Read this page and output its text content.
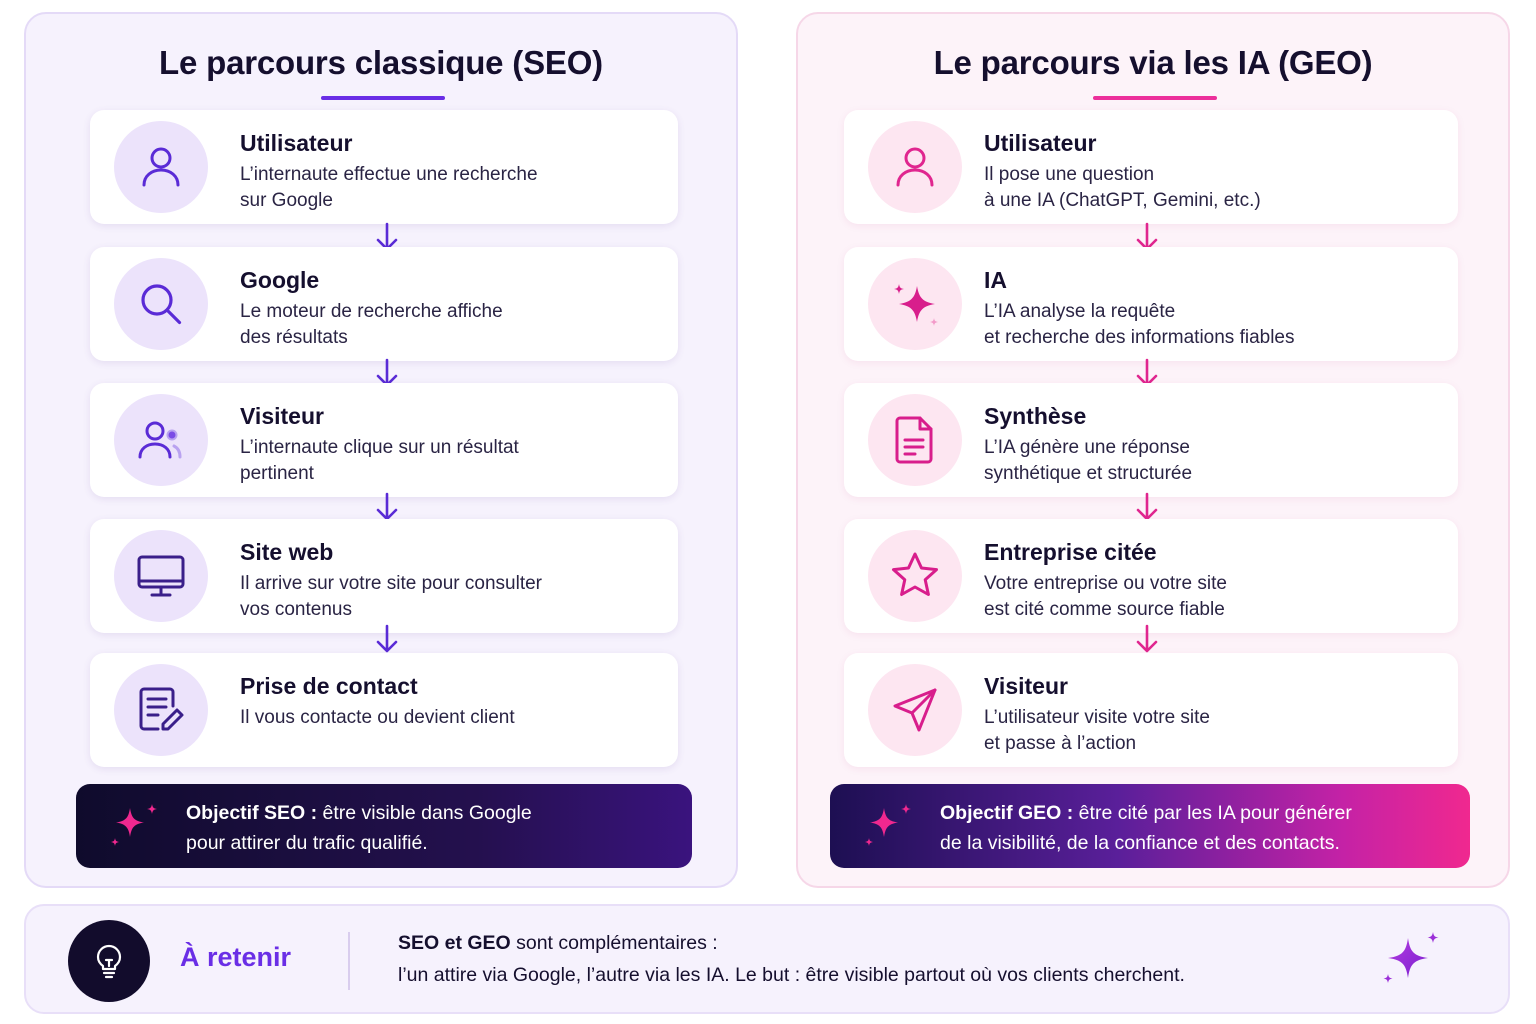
Le parcours classique (SEO)
Utilisateur
L’internaute effectue une recherche
sur Google
Google
Le moteur de recherche affiche
des résultats
Visiteur
L’internaute clique sur un résultat
pertinent
Site web
Il arrive sur votre site pour consulter
vos contenus
Prise de contact
Il vous contacte ou devient client
Objectif SEO : être visible dans Google
pour attirer du trafic qualifié.
Le parcours via les IA (GEO)
Utilisateur
Il pose une question
à une IA (ChatGPT, Gemini, etc.)
IA
L’IA analyse la requête
et recherche des informations fiables
Synthèse
L’IA génère une réponse
synthétique et structurée
Entreprise citée
Votre entreprise ou votre site
est cité comme source fiable
Visiteur
L’utilisateur visite votre site
et passe à l’action
Objectif GEO : être cité par les IA pour générer
de la visibilité, de la confiance et des contacts.
À retenir	SEO et GEO sont complémentaires :
l’un attire via Google, l’autre via les IA. Le but : être visible partout où vos clients cherchent.
